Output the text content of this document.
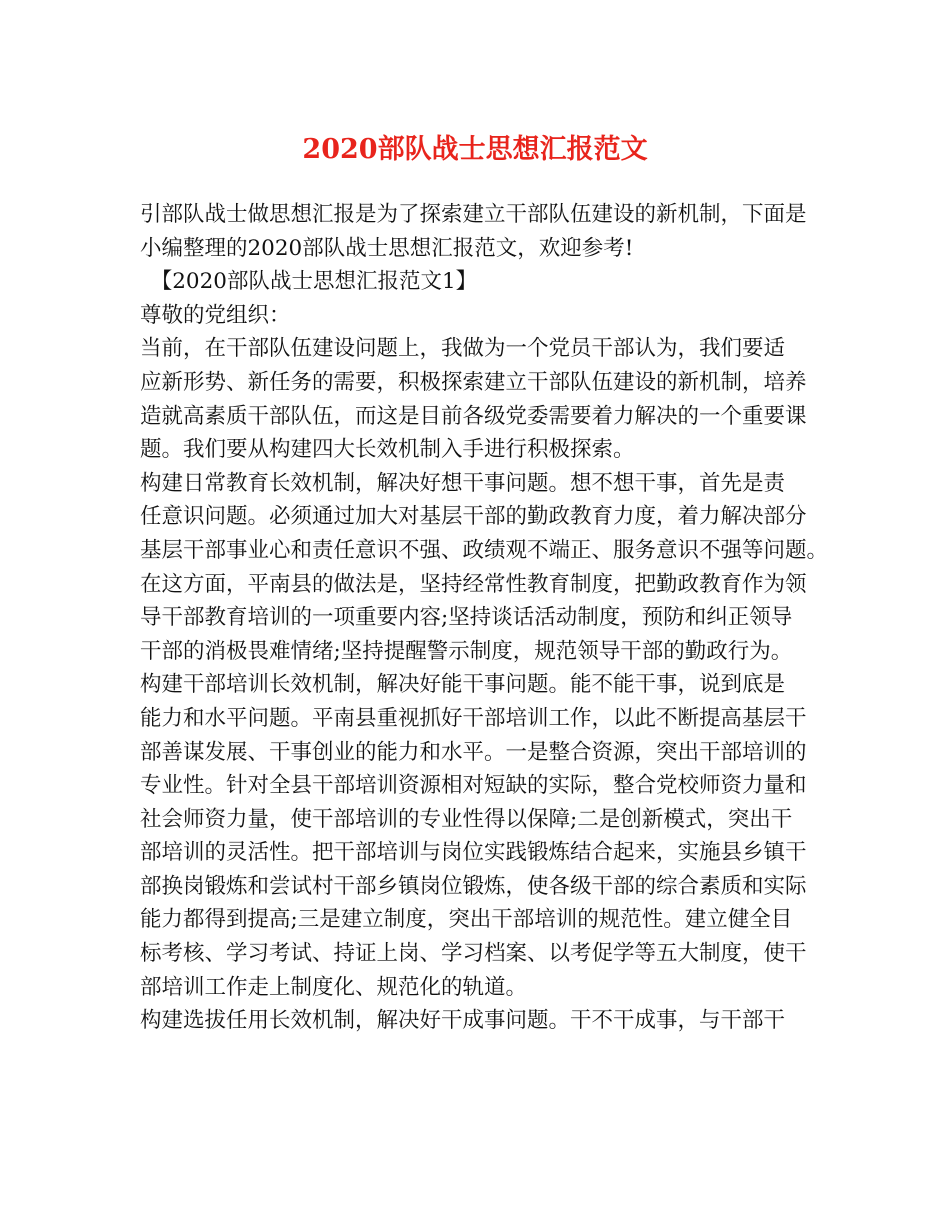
2020部队战士思想汇报范文

引部队战士做思想汇报是为了探索建立干部队伍建设的新机制，下面是
小编整理的2020部队战士思想汇报范文，欢迎参考!

　【2020部队战士思想汇报范文1】

尊敬的党组织：

当前，在干部队伍建设问题上，我做为一个党员干部认为，我们要适
应新形势、新任务的需要，积极探索建立干部队伍建设的新机制，培养
造就高素质干部队伍，而这是目前各级党委需要着力解决的一个重要课
题。我们要从构建四大长效机制入手进行积极探索。

构建日常教育长效机制，解决好想干事问题。想不想干事，首先是责
任意识问题。必须通过加大对基层干部的勤政教育力度，着力解决部分
基层干部事业心和责任意识不强、政绩观不端正、服务意识不强等问题。
在这方面，平南县的做法是，坚持经常性教育制度，把勤政教育作为领
导干部教育培训的一项重要内容;坚持谈话活动制度，预防和纠正领导
干部的消极畏难情绪;坚持提醒警示制度，规范领导干部的勤政行为。

构建干部培训长效机制，解决好能干事问题。能不能干事，说到底是
能力和水平问题。平南县重视抓好干部培训工作，以此不断提高基层干
部善谋发展、干事创业的能力和水平。一是整合资源，突出干部培训的
专业性。针对全县干部培训资源相对短缺的实际，整合党校师资力量和
社会师资力量，使干部培训的专业性得以保障;二是创新模式，突出干
部培训的灵活性。把干部培训与岗位实践锻炼结合起来，实施县乡镇干
部换岗锻炼和尝试村干部乡镇岗位锻炼，使各级干部的综合素质和实际
能力都得到提高;三是建立制度，突出干部培训的规范性。建立健全目
标考核、学习考试、持证上岗、学习档案、以考促学等五大制度，使干
部培训工作走上制度化、规范化的轨道。

构建选拔任用长效机制，解决好干成事问题。干不干成事，与干部干
